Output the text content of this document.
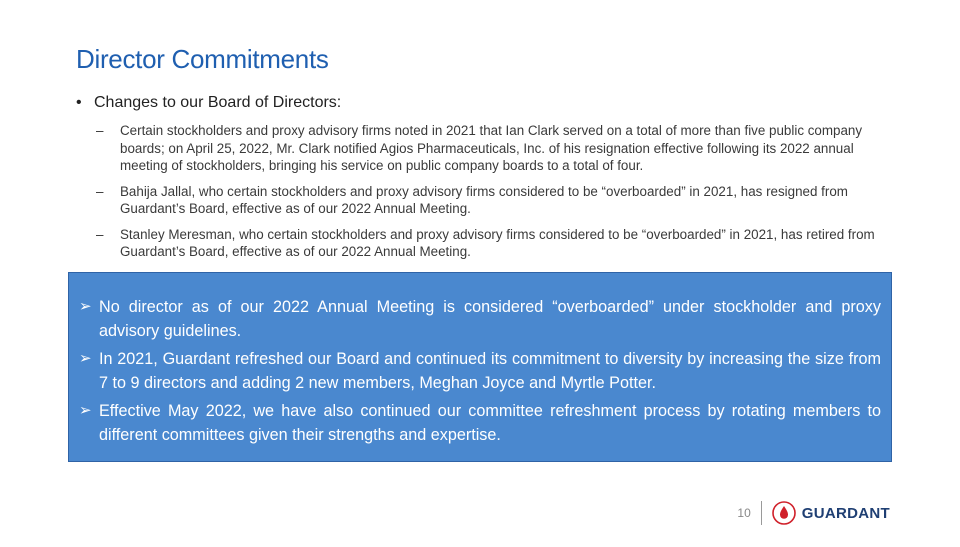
Director Commitments
• Changes to our Board of Directors:
–	Certain stockholders and proxy advisory firms noted in 2021 that Ian Clark served on a total of more than five public company boards; on April 25, 2022, Mr. Clark notified Agios Pharmaceuticals, Inc. of his resignation effective following its 2022 annual meeting of stockholders, bringing his service on public company boards to a total of four.
–	Bahija Jallal, who certain stockholders and proxy advisory firms considered to be “overboarded” in 2021, has resigned from Guardant’s Board, effective as of our 2022 Annual Meeting.
–	Stanley Meresman, who certain stockholders and proxy advisory firms considered to be “overboarded” in 2021, has retired from Guardant’s Board, effective as of our 2022 Annual Meeting.
➢ No director as of our 2022 Annual Meeting is considered “overboarded” under stockholder and proxy advisory guidelines.
➢ In 2021, Guardant refreshed our Board and continued its commitment to diversity by increasing the size from 7 to 9 directors and adding 2 new members, Meghan Joyce and Myrtle Potter.
➢ Effective May 2022, we have also continued our committee refreshment process by rotating members to different committees given their strengths and expertise.
10	GUARDANT
